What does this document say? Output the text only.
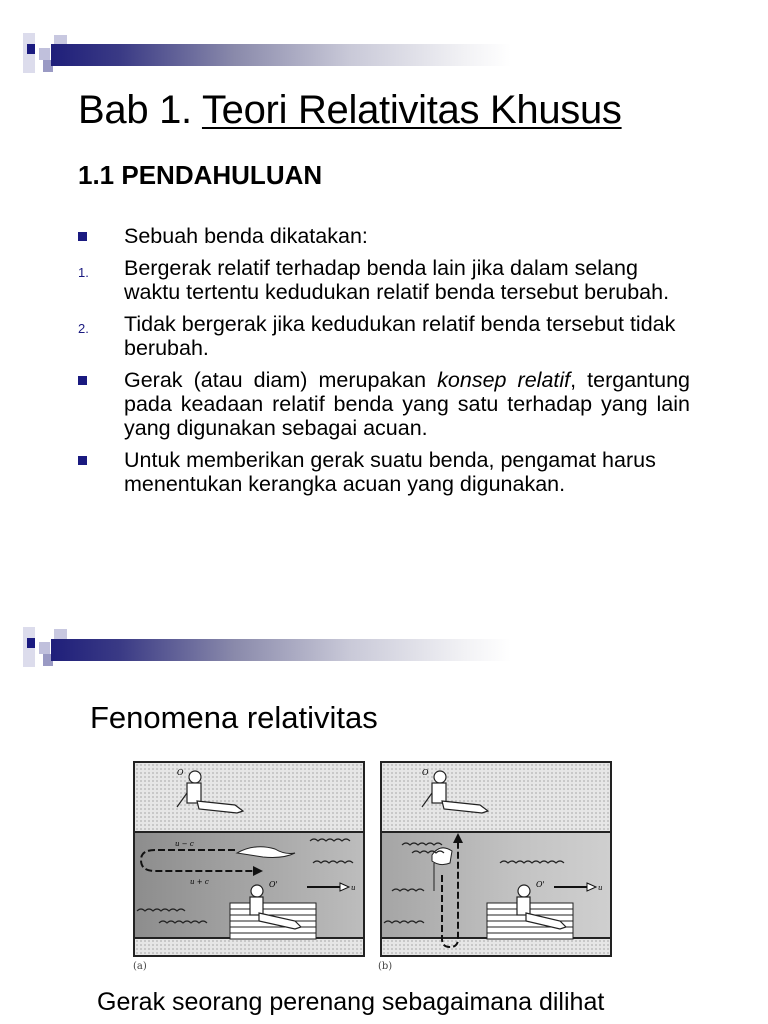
Bab 1. Teori Relativitas Khusus
1.1 PENDAHULUAN
Sebuah benda dikatakan:
1. Bergerak relatif terhadap benda lain jika dalam selang waktu tertentu kedudukan relatif benda tersebut berubah.
2. Tidak bergerak jika kedudukan relatif benda tersebut tidak berubah.
Gerak (atau diam) merupakan konsep relatif, tergantung pada keadaan relatif benda yang satu terhadap yang lain yang digunakan sebagai acuan.
Untuk memberikan gerak suatu benda, pengamat harus menentukan kerangka acuan yang digunakan.
Fenomena relativitas
O
u − c
u + c
u
O'
(a)
O
u
O'
(b)
Gerak seorang perenang sebagaimana dilihat
